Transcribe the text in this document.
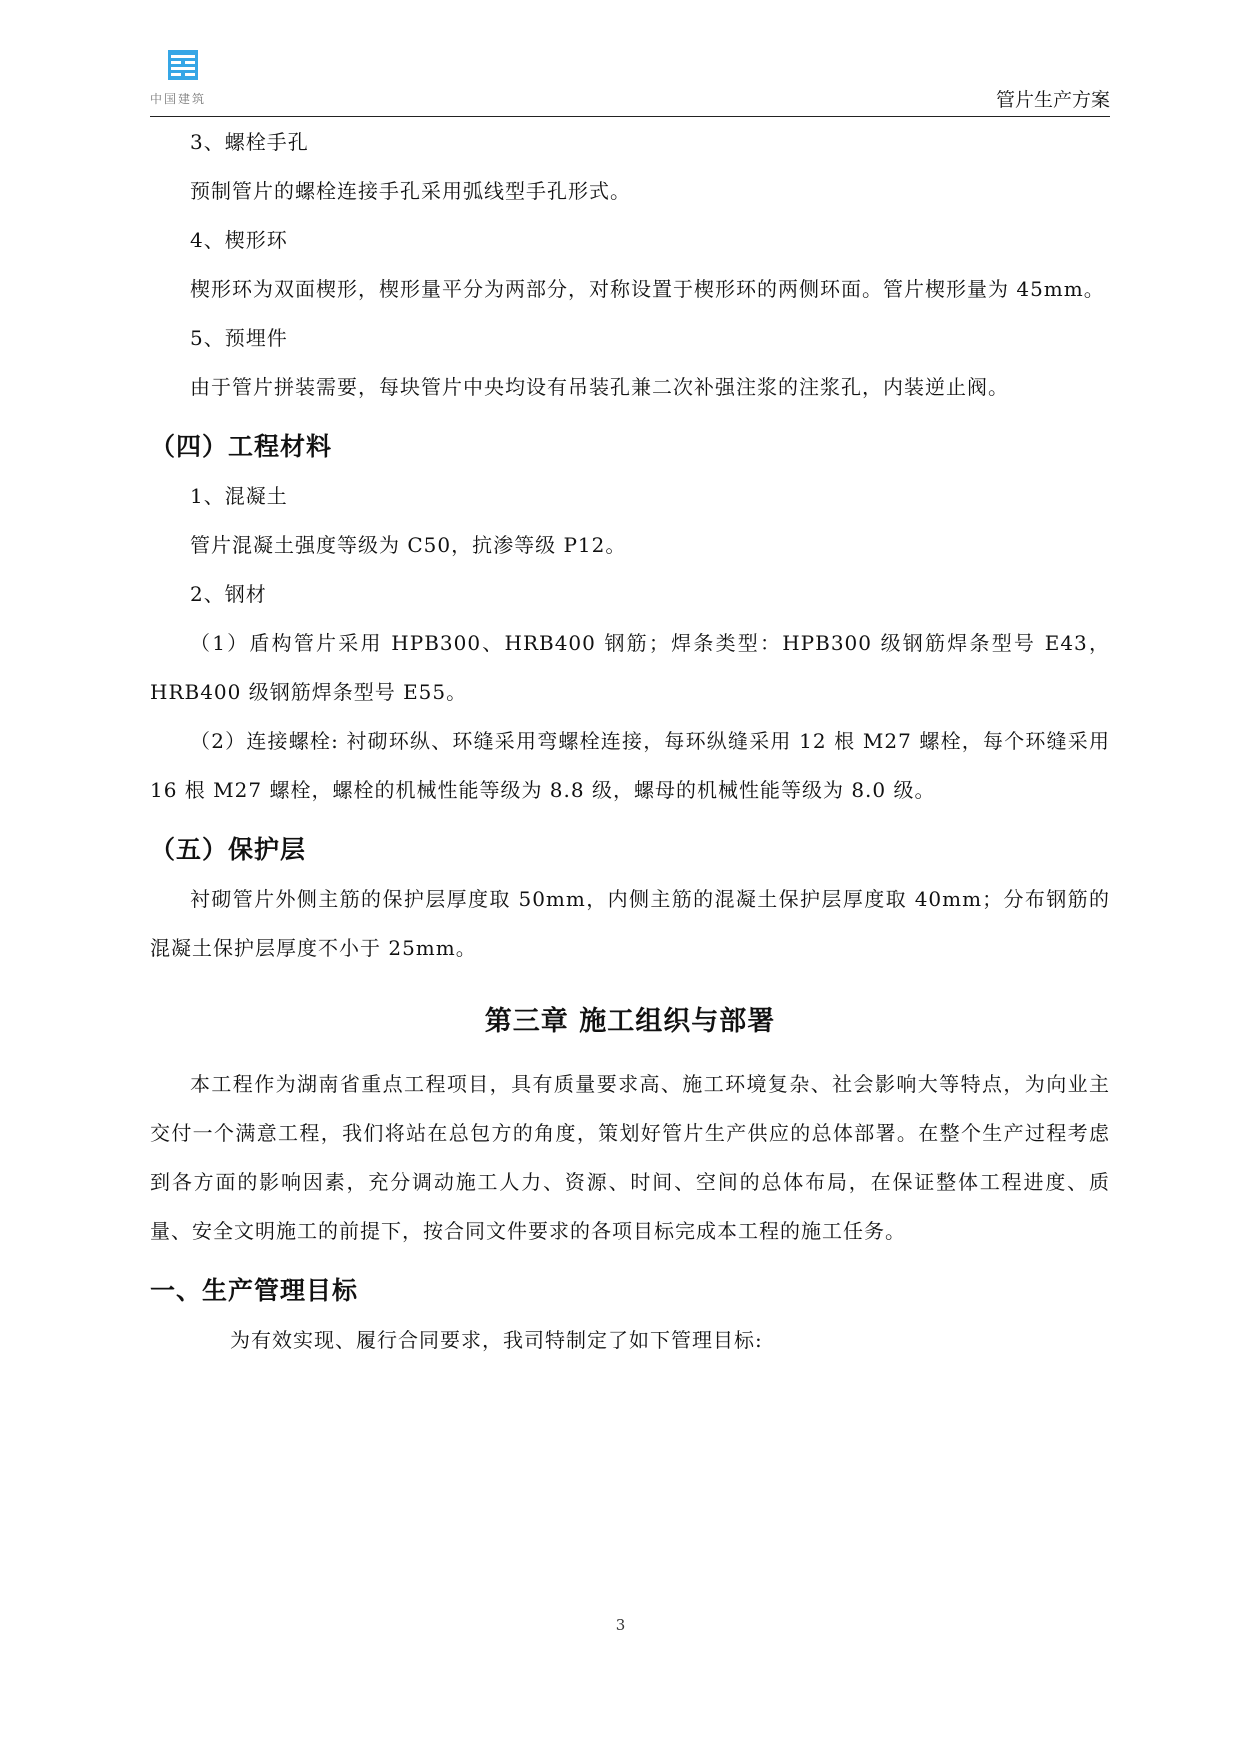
中国建筑	管片生产方案

3、螺栓手孔

预制管片的螺栓连接手孔采用弧线型手孔形式。

4、楔形环

楔形环为双面楔形，楔形量平分为两部分，对称设置于楔形环的两侧环面。管片楔形量为 45mm。

5、预埋件

由于管片拼装需要，每块管片中央均设有吊装孔兼二次补强注浆的注浆孔，内装逆止阀。

（四）工程材料

1、混凝土

管片混凝土强度等级为 C50，抗渗等级 P12。

2、钢材

（1）盾构管片采用 HPB300、HRB400 钢筋；焊条类型：HPB300 级钢筋焊条型号 E43，HRB400 级钢筋焊条型号 E55。

（2）连接螺栓: 衬砌环纵、环缝采用弯螺栓连接，每环纵缝采用 12 根 M27 螺栓，每个环缝采用 16 根 M27 螺栓，螺栓的机械性能等级为 8.8 级，螺母的机械性能等级为 8.0 级。

（五）保护层

衬砌管片外侧主筋的保护层厚度取 50mm，内侧主筋的混凝土保护层厚度取 40mm；分布钢筋的混凝土保护层厚度不小于 25mm。

第三章 施工组织与部署

本工程作为湖南省重点工程项目，具有质量要求高、施工环境复杂、社会影响大等特点，为向业主交付一个满意工程，我们将站在总包方的角度，策划好管片生产供应的总体部署。在整个生产过程考虑到各方面的影响因素，充分调动施工人力、资源、时间、空间的总体布局，在保证整体工程进度、质量、安全文明施工的前提下，按合同文件要求的各项目标完成本工程的施工任务。

一、生产管理目标

为有效实现、履行合同要求，我司特制定了如下管理目标:

3
